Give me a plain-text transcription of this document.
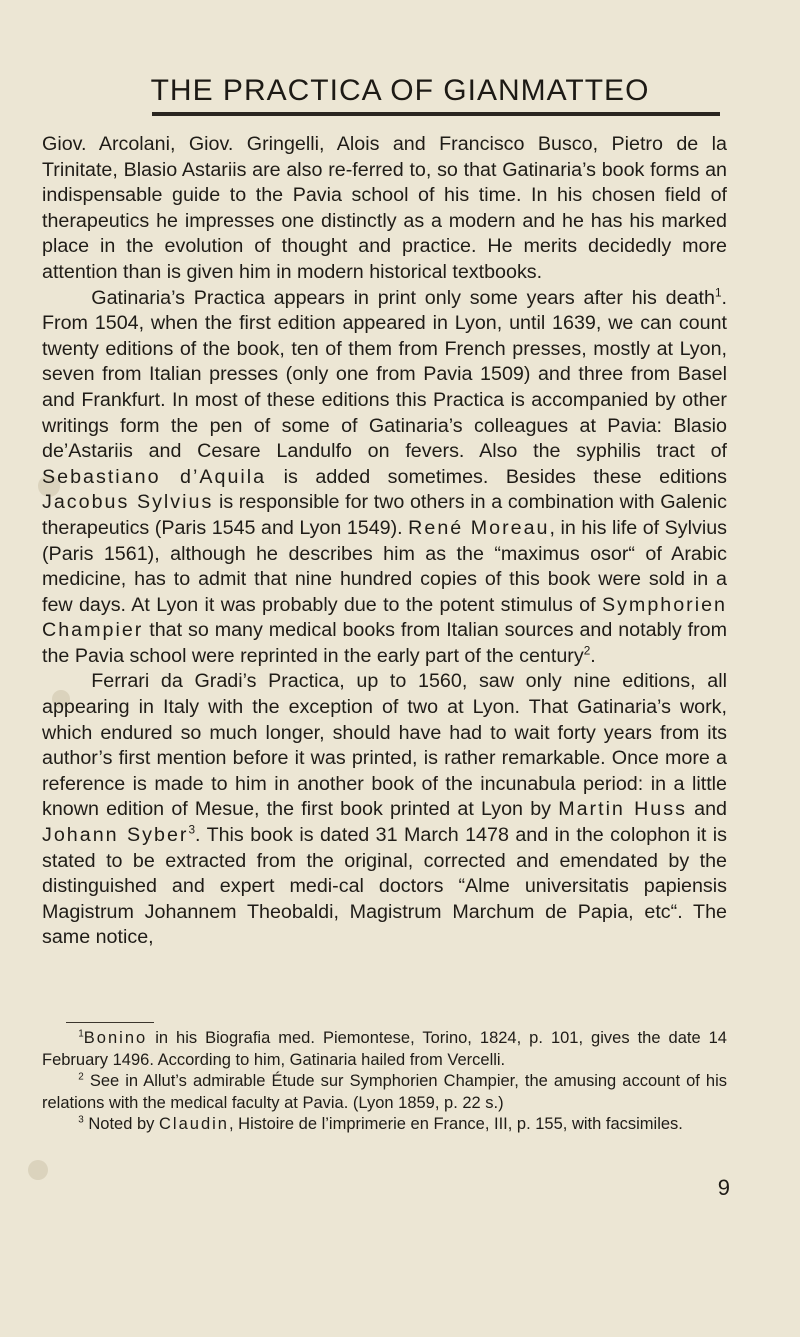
THE PRACTICA OF GIANMATTEO

Giov. Arcolani, Giov. Gringelli, Alois and Francisco Busco, Pietro de la Trinitate, Blasio Astariis are also re-ferred to, so that Gatinaria’s book forms an indispensable guide to the Pavia school of his time. In his chosen field of therapeutics he impresses one distinctly as a modern and he has his marked place in the evolution of thought and practice. He merits decidedly more attention than is given him in modern historical textbooks.

Gatinaria’s Practica appears in print only some years after his death$^1$. From 1504, when the first edition appeared in Lyon, until 1639, we can count twenty editions of the book, ten of them from French presses, mostly at Lyon, seven from Italian presses (only one from Pavia 1509) and three from Basel and Frankfurt. In most of these editions this Practica is accompanied by other writings form the pen of some of Gatinaria’s colleagues at Pavia: Blasio de’Astariis and Cesare Landulfo on fevers. Also the syphilis tract of Sebastiano d’Aquila is added sometimes. Besides these editions Jacobus Sylvius is responsible for two others in a combination with Galenic therapeutics (Paris 1545 and Lyon 1549). René Moreau, in his life of Sylvius (Paris 1561), although he describes him as the “maximus osor“ of Arabic medicine, has to admit that nine hundred copies of this book were sold in a few days. At Lyon it was probably due to the potent stimulus of Symphorien Champier that so many medical books from Italian sources and notably from the Pavia school were reprinted in the early part of the century$^2$.

Ferrari da Gradi’s Practica, up to 1560, saw only nine editions, all appearing in Italy with the exception of two at Lyon. That Gatinaria’s work, which endured so much longer, should have had to wait forty years from its author’s first mention before it was printed, is rather remarkable. Once more a reference is made to him in another book of the incunabula period: in a little known edition of Mesue, the first book printed at Lyon by Martin Huss and Johann Syber$^3$. This book is dated 31 March 1478 and in the colophon it is stated to be extracted from the original, corrected and emendated by the distinguished and expert medi-cal doctors “Alme universitatis papiensis Magistrum Johannem Theobaldi, Magistrum Marchum de Papia, etc“. The same notice,

$^1$Bonino in his Biografia med. Piemontese, Torino, 1824, p. 101, gives the date 14 February 1496. According to him, Gatinaria hailed from Vercelli.

$^2$ See in Allut’s admirable Étude sur Symphorien Champier, the amusing account of his relations with the medical faculty at Pavia. (Lyon 1859, p. 22 s.)

$^3$ Noted by Claudin, Histoire de l’imprimerie en France, III, p. 155, with facsimiles.

9
